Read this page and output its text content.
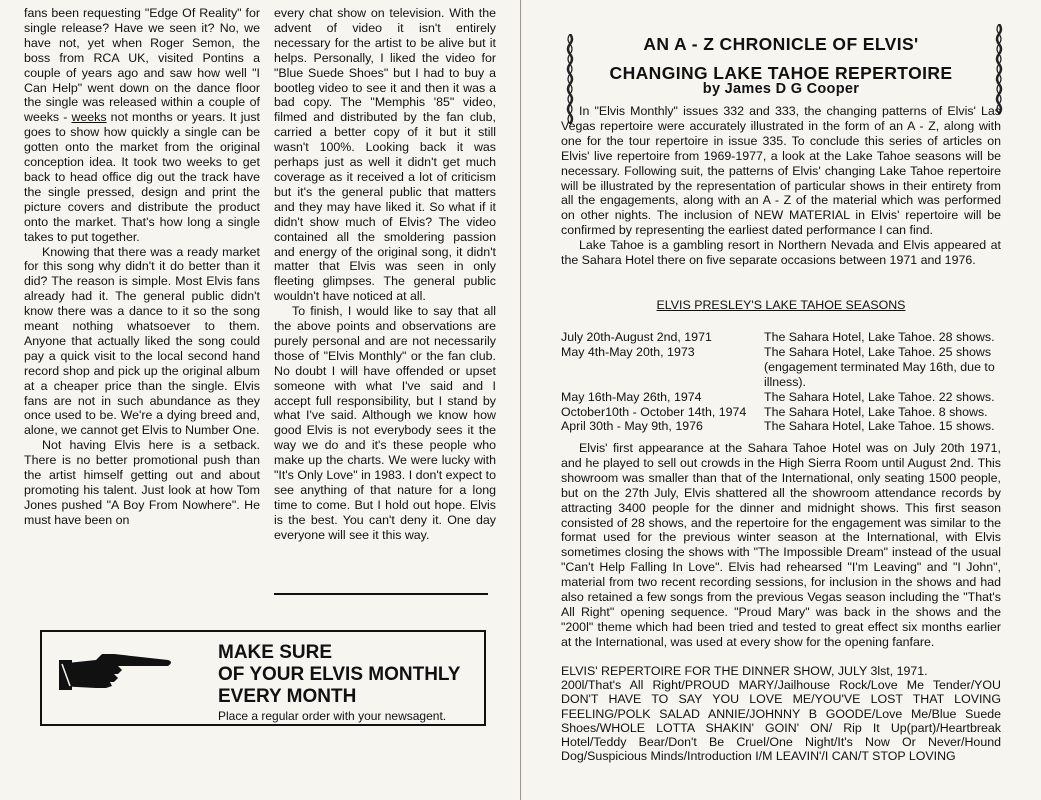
fans been requesting "Edge Of Reality" for single release? Have we seen it? No, we have not, yet when Roger Semon, the boss from RCA UK, visited Pontins a couple of years ago and saw how well "I Can Help" went down on the dance floor the single was released within a couple of weeks - weeks not months or years. It just goes to show how quickly a single can be gotten onto the market from the original conception idea. It took two weeks to get back to head office dig out the track have the single pressed, design and print the picture covers and distribute the product onto the market. That's how long a single takes to put together.

Knowing that there was a ready market for this song why didn't it do better than it did? The reason is simple. Most Elvis fans already had it. The general public didn't know there was a dance to it so the song meant nothing whatsoever to them. Anyone that actually liked the song could pay a quick visit to the local second hand record shop and pick up the original album at a cheaper price than the single. Elvis fans are not in such abundance as they once used to be. We're a dying breed and, alone, we cannot get Elvis to Number One.

Not having Elvis here is a setback. There is no better promotional push than the artist himself getting out and about promoting his talent. Just look at how Tom Jones pushed "A Boy From Nowhere". He must have been on

every chat show on television. With the advent of video it isn't entirely necessary for the artist to be alive but it helps. Personally, I liked the video for "Blue Suede Shoes" but I had to buy a bootleg video to see it and then it was a bad copy. The "Memphis '85" video, filmed and distributed by the fan club, carried a better copy of it but it still wasn't 100%. Looking back it was perhaps just as well it didn't get much coverage as it received a lot of criticism but it's the general public that matters and they may have liked it. So what if it didn't show much of Elvis? The video contained all the smoldering passion and energy of the original song, it didn't matter that Elvis was seen in only fleeting glimpses. The general public wouldn't have noticed at all.

To finish, I would like to say that all the above points and observations are purely personal and are not necessarily those of "Elvis Monthly" or the fan club. No doubt I will have offended or upset someone with what I've said and I accept full responsibility, but I stand by what I've said. Although we know how good Elvis is not everybody sees it the way we do and it's these people who make up the charts. We were lucky with "It's Only Love" in 1983. I don't expect to see anything of that nature for a long time to come. But I hold out hope. Elvis is the best. You can't deny it. One day everyone will see it this way.

MAKE SURE
OF YOUR ELVIS MONTHLY
EVERY MONTH
Place a regular order with your newsagent.
AN A - Z CHRONICLE OF ELVIS'
CHANGING LAKE TAHOE REPERTOIRE
by James D G Cooper

In "Elvis Monthly" issues 332 and 333, the changing patterns of Elvis' Las Vegas repertoire were accurately illustrated in the form of an A - Z, along with one for the tour repertoire in issue 335. To conclude this series of articles on Elvis' live repertoire from 1969-1977, a look at the Lake Tahoe seasons will be necessary. Following suit, the patterns of Elvis' changing Lake Tahoe repertoire will be illustrated by the representation of particular shows in their entirety from all the engagements, along with an A - Z of the material which was performed on other nights. The inclusion of NEW MATERIAL in Elvis' repertoire will be confirmed by representing the earliest dated performance I can find.

Lake Tahoe is a gambling resort in Northern Nevada and Elvis appeared at the Sahara Hotel there on five separate occasions between 1971 and 1976.

ELVIS PRESLEY'S LAKE TAHOE SEASONS
July 20th-August 2nd, 1971	The Sahara Hotel, Lake Tahoe. 28 shows.
May 4th-May 20th, 1973	The Sahara Hotel, Lake Tahoe. 25 shows (engagement terminated May 16th, due to illness).
May 16th-May 26th, 1974	The Sahara Hotel, Lake Tahoe. 22 shows.
October10th - October 14th, 1974	The Sahara Hotel, Lake Tahoe. 8 shows.
April 30th - May 9th, 1976	The Sahara Hotel, Lake Tahoe. 15 shows.

Elvis' first appearance at the Sahara Tahoe Hotel was on July 20th 1971, and he played to sell out crowds in the High Sierra Room until August 2nd. This showroom was smaller than that of the International, only seating 1500 people, but on the 27th July, Elvis shattered all the showroom attendance records by attracting 3400 people for the dinner and midnight shows. This first season consisted of 28 shows, and the repertoire for the engagement was similar to the format used for the previous winter season at the International, with Elvis sometimes closing the shows with "The Impossible Dream" instead of the usual "Can't Help Falling In Love". Elvis had rehearsed "I'm Leaving" and "I John", material from two recent recording sessions, for inclusion in the shows and had also retained a few songs from the previous Vegas season including the "That's All Right" opening sequence. "Proud Mary" was back in the shows and the "200l" theme which had been tried and tested to great effect six months earlier at the International, was used at every show for the opening fanfare.

ELVIS' REPERTOIRE FOR THE DINNER SHOW, JULY 3lst, 1971.

200l/That's All Right/PROUD MARY/Jailhouse Rock/Love Me Tender/YOU DON'T HAVE TO SAY YOU LOVE ME/YOU'VE LOST THAT LOVING FEELING/POLK SALAD ANNIE/JOHNNY B GOODE/Love Me/Blue Suede Shoes/WHOLE LOTTA SHAKIN' GOIN' ON/ Rip It Up(part)/Heartbreak Hotel/Teddy Bear/Don't Be Cruel/One Night/It's Now Or Never/Hound Dog/Suspicious Minds/Introduction I/M LEAVIN'/I CAN/T STOP LOVING
